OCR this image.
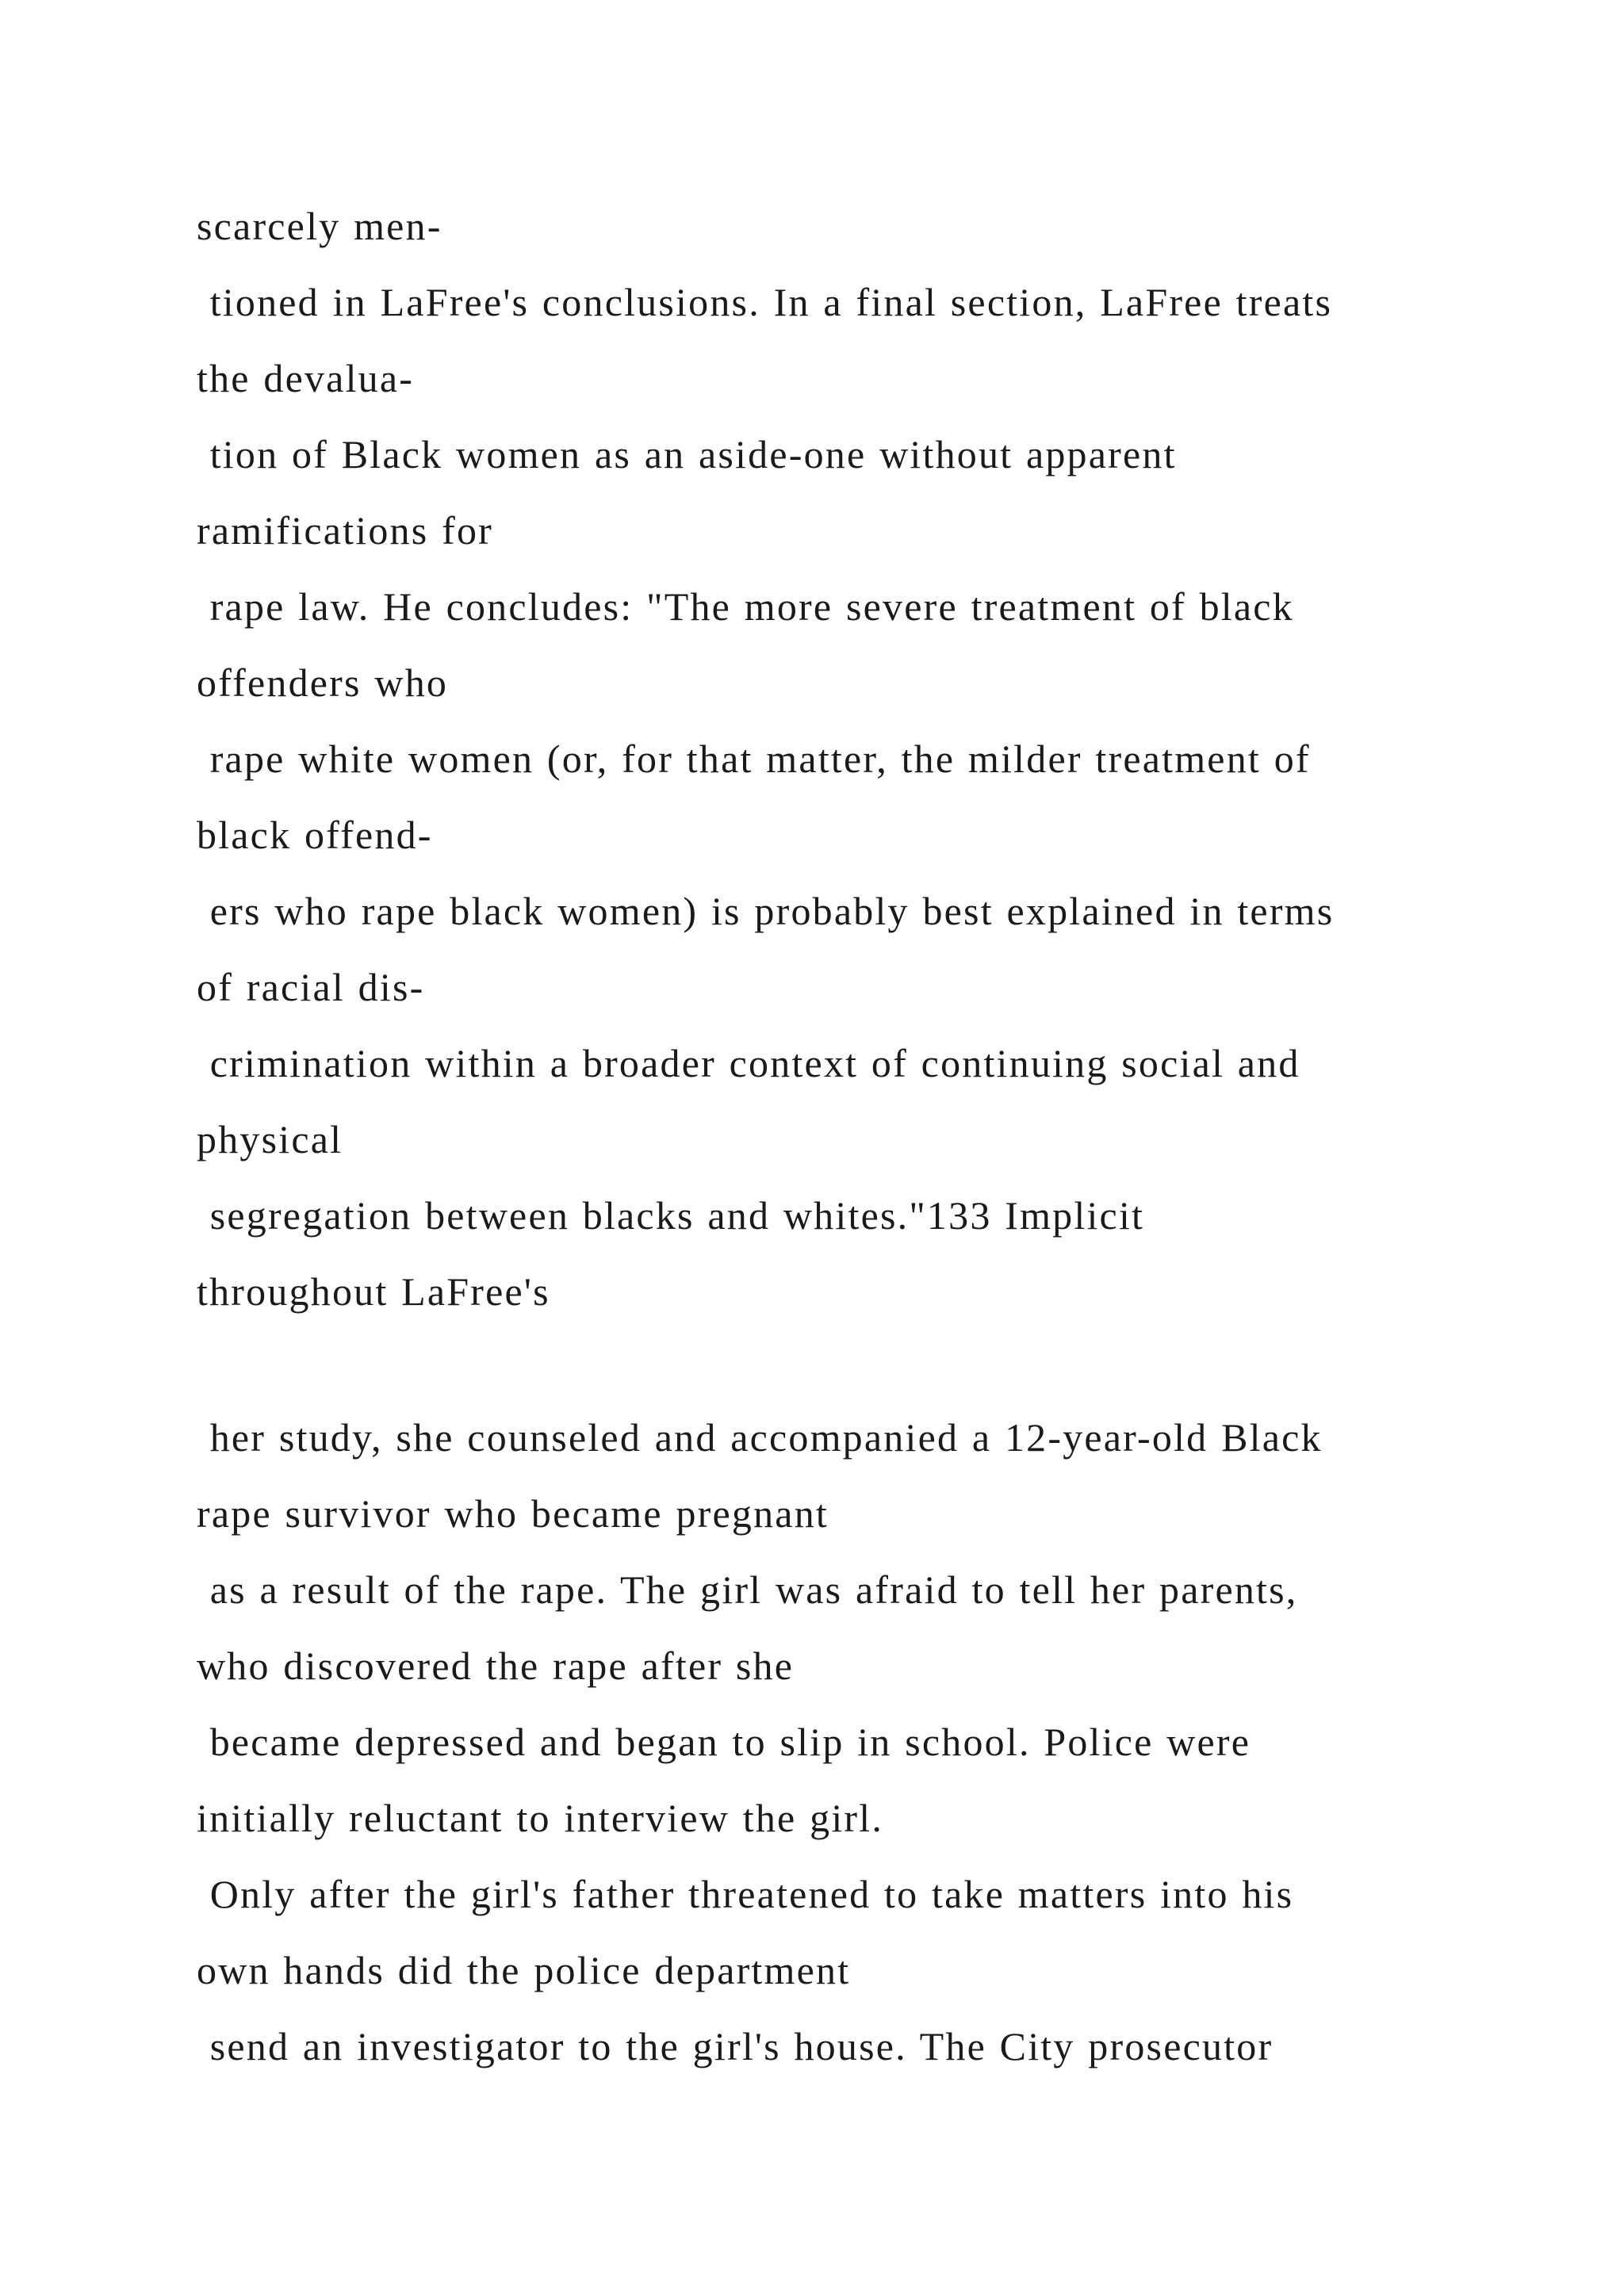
scarcely men-
tioned in LaFree's conclusions. In a final section, LaFree treats
the devalua-
tion of Black women as an aside-one without apparent
ramifications for
rape law. He concludes: "The more severe treatment of black
offenders who
rape white women (or, for that matter, the milder treatment of
black offend-
ers who rape black women) is probably best explained in terms
of racial dis-
crimination within a broader context of continuing social and
physical
segregation between blacks and whites."133 Implicit
throughout LaFree's
her study, she counseled and accompanied a 12-year-old Black
rape survivor who became pregnant
as a result of the rape. The girl was afraid to tell her parents,
who discovered the rape after she
became depressed and began to slip in school. Police were
initially reluctant to interview the girl.
Only after the girl's father threatened to take matters into his
own hands did the police department
send an investigator to the girl's house. The City prosecutor
